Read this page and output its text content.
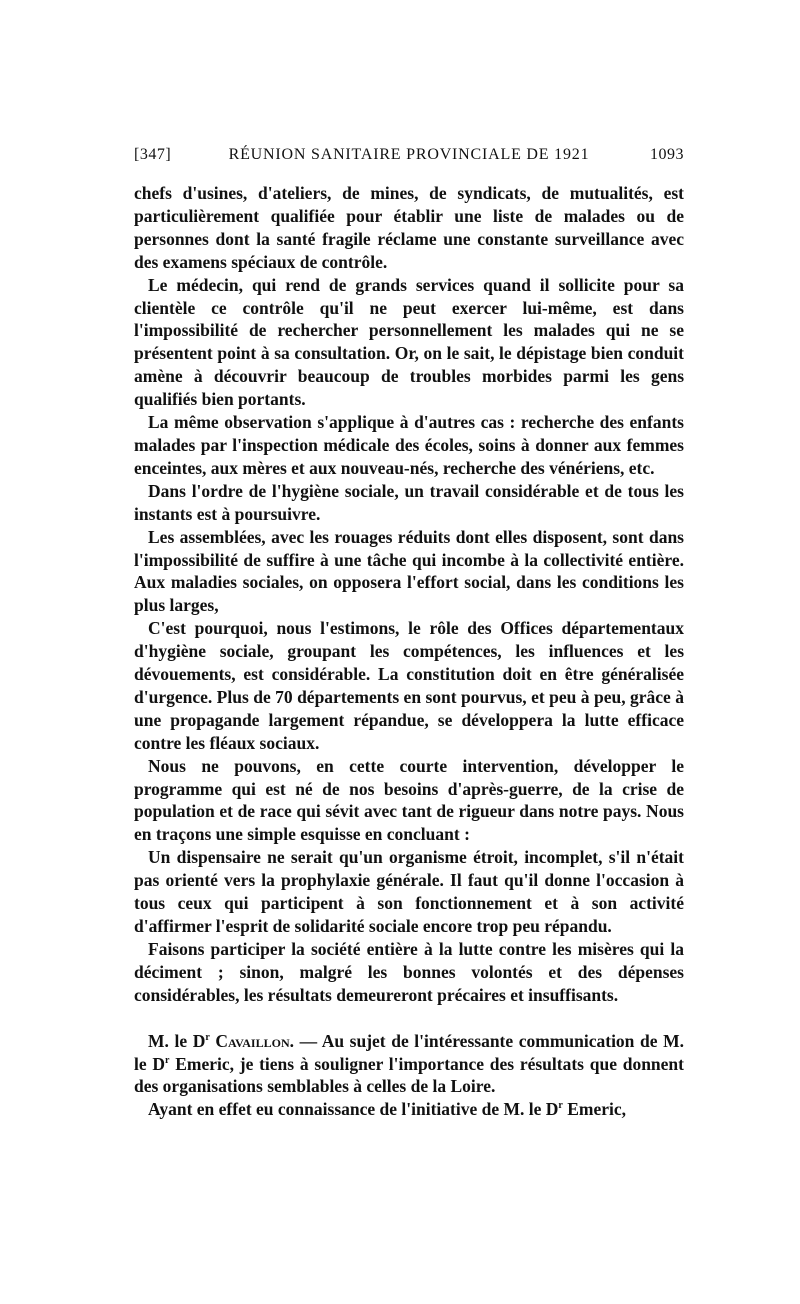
[347]	RÉUNION SANITAIRE PROVINCIALE DE 1921	1093

chefs d'usines, d'ateliers, de mines, de syndicats, de mutualités, est particulièrement qualifiée pour établir une liste de malades ou de personnes dont la santé fragile réclame une constante surveillance avec des examens spéciaux de contrôle.

Le médecin, qui rend de grands services quand il sollicite pour sa clientèle ce contrôle qu'il ne peut exercer lui-même, est dans l'impossibilité de rechercher personnellement les malades qui ne se présentent point à sa consultation. Or, on le sait, le dépistage bien conduit amène à découvrir beaucoup de troubles morbides parmi les gens qualifiés bien portants.

La même observation s'applique à d'autres cas : recherche des enfants malades par l'inspection médicale des écoles, soins à donner aux femmes enceintes, aux mères et aux nouveau-nés, recherche des vénériens, etc.

Dans l'ordre de l'hygiène sociale, un travail considérable et de tous les instants est à poursuivre.

Les assemblées, avec les rouages réduits dont elles disposent, sont dans l'impossibilité de suffire à une tâche qui incombe à la collectivité entière. Aux maladies sociales, on opposera l'effort social, dans les conditions les plus larges,

C'est pourquoi, nous l'estimons, le rôle des Offices départementaux d'hygiène sociale, groupant les compétences, les influences et les dévouements, est considérable. La constitution doit en être généralisée d'urgence. Plus de 70 départements en sont pourvus, et peu à peu, grâce à une propagande largement répandue, se développera la lutte efficace contre les fléaux sociaux.

Nous ne pouvons, en cette courte intervention, développer le programme qui est né de nos besoins d'après-guerre, de la crise de population et de race qui sévit avec tant de rigueur dans notre pays. Nous en traçons une simple esquisse en concluant :

Un dispensaire ne serait qu'un organisme étroit, incomplet, s'il n'était pas orienté vers la prophylaxie générale. Il faut qu'il donne l'occasion à tous ceux qui participent à son fonctionnement et à son activité d'affirmer l'esprit de solidarité sociale encore trop peu répandu.

Faisons participer la société entière à la lutte contre les misères qui la déciment ; sinon, malgré les bonnes volontés et des dépenses considérables, les résultats demeureront précaires et insuffisants.

M. le $D^r$ Cavaillon. — Au sujet de l'intéressante communication de M. le $D^r$ Emeric, je tiens à souligner l'importance des résultats que donnent des organisations semblables à celles de la Loire.

Ayant en effet eu connaissance de l'initiative de M. le $D^r$ Emeric,
